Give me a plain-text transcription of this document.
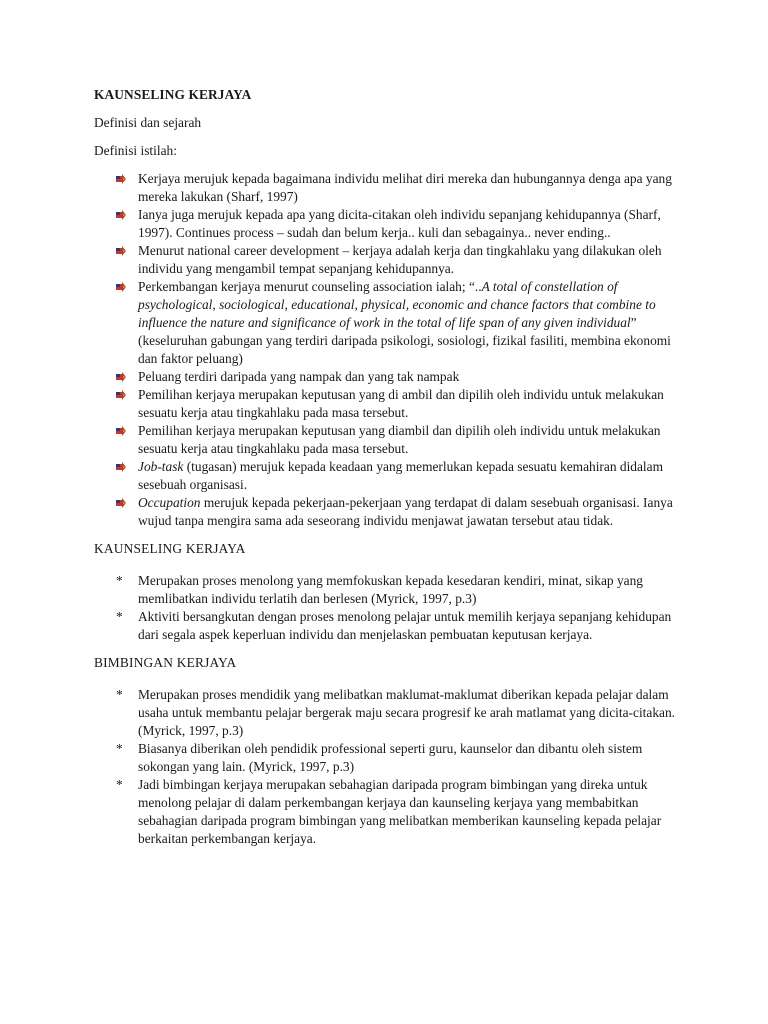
KAUNSELING KERJAYA
Definisi dan sejarah
Definisi istilah:
Kerjaya merujuk kepada bagaimana individu melihat diri mereka dan hubungannya denga apa yang mereka lakukan (Sharf, 1997)
Ianya juga merujuk kepada apa yang dicita-citakan oleh individu sepanjang kehidupannya (Sharf, 1997). Continues process – sudah dan belum kerja.. kuli dan sebagainya.. never ending..
Menurut national career development – kerjaya adalah kerja dan tingkahlaku yang dilakukan oleh individu yang mengambil tempat sepanjang kehidupannya.
Perkembangan kerjaya menurut counseling association ialah; “..A total of constellation of psychological, sociological, educational, physical, economic and chance factors that combine to influence the nature and significance of work in the total of life span of any given individual” (keseluruhan gabungan yang terdiri daripada psikologi, sosiologi, fizikal fasiliti, membina ekonomi dan faktor peluang)
Peluang terdiri daripada yang nampak dan yang tak nampak
Pemilihan kerjaya merupakan keputusan yang di ambil dan dipilih oleh individu untuk melakukan sesuatu kerja atau tingkahlaku pada masa tersebut.
Pemilihan kerjaya merupakan keputusan yang diambil dan dipilih oleh individu untuk melakukan sesuatu kerja atau tingkahlaku pada masa tersebut.
Job-task (tugasan) merujuk kepada keadaan yang memerlukan kepada sesuatu kemahiran didalam sesebuah organisasi.
Occupation merujuk kepada pekerjaan-pekerjaan yang terdapat di dalam sesebuah organisasi. Ianya wujud tanpa mengira sama ada seseorang individu menjawat jawatan tersebut atau tidak.
KAUNSELING KERJAYA
* Merupakan proses menolong yang memfokuskan kepada kesedaran kendiri, minat, sikap yang memlibatkan individu terlatih dan berlesen (Myrick, 1997, p.3)
* Aktiviti bersangkutan dengan proses menolong pelajar untuk memilih kerjaya sepanjang kehidupan dari segala aspek keperluan individu dan menjelaskan pembuatan keputusan kerjaya.
BIMBINGAN KERJAYA
* Merupakan proses mendidik yang melibatkan maklumat-maklumat diberikan kepada pelajar dalam usaha untuk membantu pelajar bergerak maju secara progresif ke arah matlamat yang dicita-citakan. (Myrick, 1997, p.3)
* Biasanya diberikan oleh pendidik professional seperti guru, kaunselor dan dibantu oleh sistem sokongan yang lain. (Myrick, 1997, p.3)
* Jadi bimbingan kerjaya merupakan sebahagian daripada program bimbingan yang direka untuk menolong pelajar di dalam perkembangan kerjaya dan kaunseling kerjaya yang membabitkan sebahagian daripada program bimbingan yang melibatkan memberikan kaunseling kepada pelajar berkaitan perkembangan kerjaya.
